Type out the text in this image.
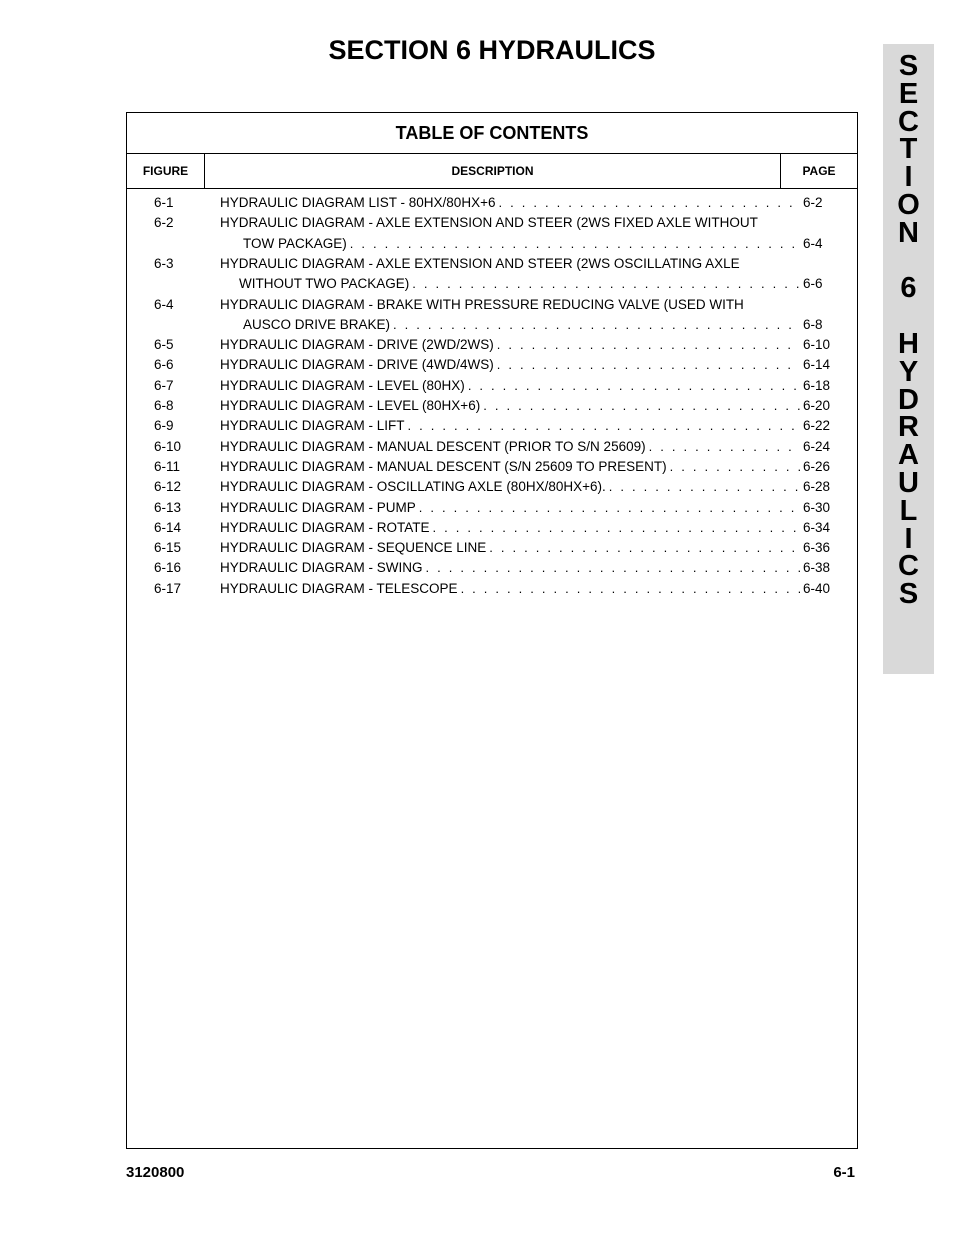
SECTION 6 HYDRAULICS
TABLE OF CONTENTS
FIGURE	DESCRIPTION	PAGE
6-1	HYDRAULIC DIAGRAM LIST - 80HX/80HX+6 . . .	6-2
6-2	HYDRAULIC DIAGRAM - AXLE EXTENSION AND STEER (2WS FIXED AXLE WITHOUT
TOW PACKAGE) . . .	6-4
6-3	HYDRAULIC DIAGRAM - AXLE EXTENSION AND STEER (2WS OSCILLATING AXLE
WITHOUT TWO PACKAGE) . . .	6-6
6-4	HYDRAULIC DIAGRAM - BRAKE WITH PRESSURE REDUCING VALVE (USED WITH
AUSCO DRIVE BRAKE) . . .	6-8
6-5	HYDRAULIC DIAGRAM - DRIVE (2WD/2WS) . . .	6-10
6-6	HYDRAULIC DIAGRAM - DRIVE (4WD/4WS) . . .	6-14
6-7	HYDRAULIC DIAGRAM - LEVEL (80HX) . . .	6-18
6-8	HYDRAULIC DIAGRAM - LEVEL (80HX+6) . . .	6-20
6-9	HYDRAULIC DIAGRAM - LIFT . . .	6-22
6-10	HYDRAULIC DIAGRAM - MANUAL DESCENT (PRIOR TO S/N 25609) . . .	6-24
6-11	HYDRAULIC DIAGRAM - MANUAL DESCENT (S/N 25609 TO PRESENT) . . .	6-26
6-12	HYDRAULIC DIAGRAM - OSCILLATING AXLE (80HX/80HX+6). . . .	6-28
6-13	HYDRAULIC DIAGRAM - PUMP . . .	6-30
6-14	HYDRAULIC DIAGRAM - ROTATE . . .	6-34
6-15	HYDRAULIC DIAGRAM - SEQUENCE LINE . . .	6-36
6-16	HYDRAULIC DIAGRAM - SWING . . .	6-38
6-17	HYDRAULIC DIAGRAM - TELESCOPE . . .	6-40
S
E
C
T
I
O
N
6
H
Y
D
R
A
U
L
I
C
S
3120800	6-1
